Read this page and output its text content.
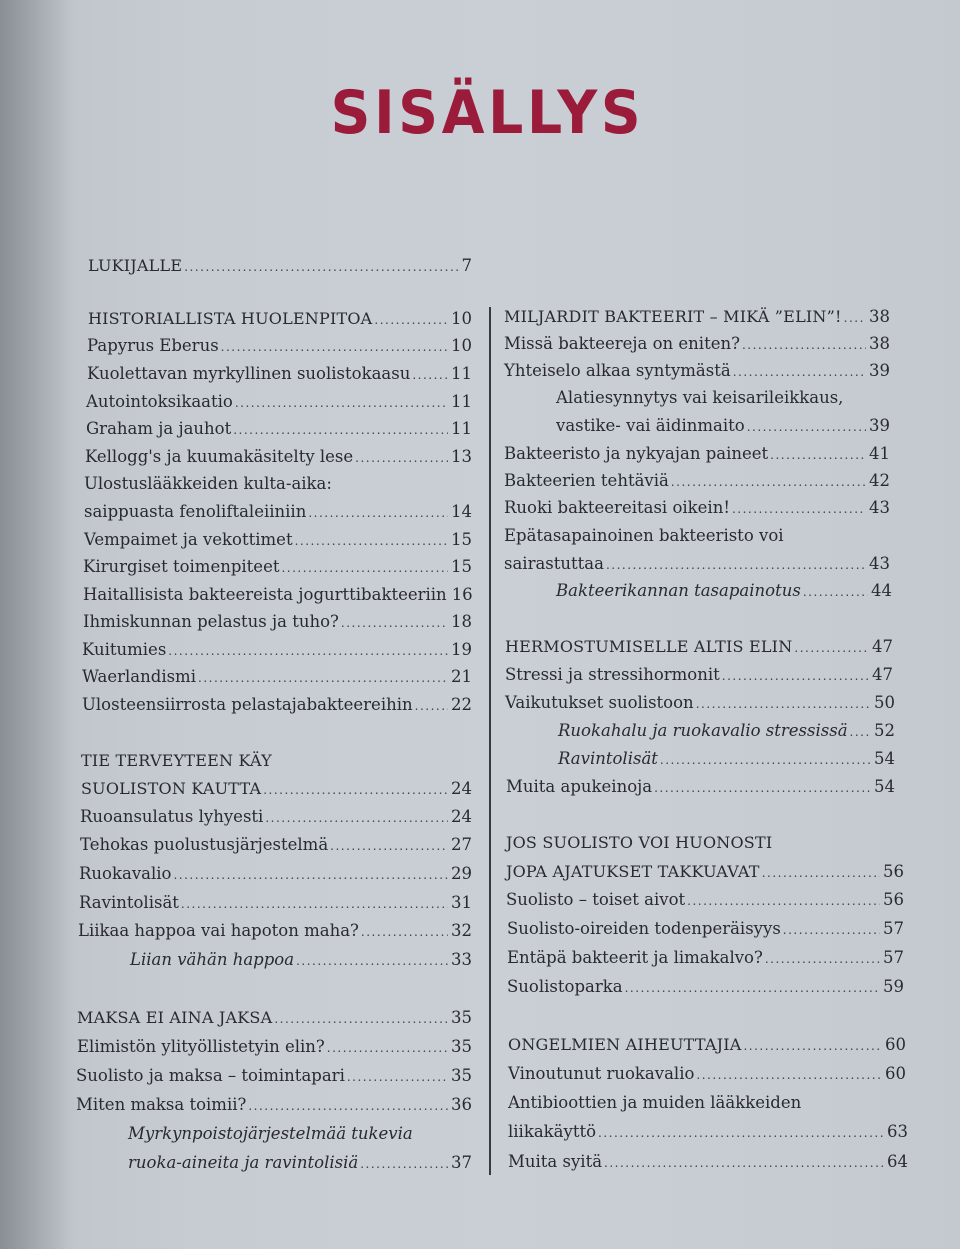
SISÄLLYS
LUKIJALLE .....	7
HISTORIALLISTA HUOLENPITOA .....	10
Papyrus Eberus .....	10
Kuolettavan myrkyllinen suolistokaasu ..... 11
Autointoksikaatio .....	11
Graham ja jauhot .....	11
Kellogg's ja kuumakäsitelty lese .....	13
Ulostuslääkkeiden kulta-aika:
saippuasta fenoliftaleiiniin .....	14
Vempaimet ja vekottimet .....	15
Kirurgiset toimenpiteet .....	15
Haitallisista bakteereista jogurttibakteeriin 16
Ihmiskunnan pelastus ja tuho? .....	18
Kuitumies .....	19
Waerlandismi .....	21
Ulosteensiirrosta pelastajabakteereihin ..... 22
TIE TERVEYTEEN KÄY
SUOLISTON KAUTTA .....	24
Ruoansulatus lyhyesti .....	24
Tehokas puolustusjärjestelmä .....	27
Ruokavalio .....	29
Ravintolisät .....	31
Liikaa happoa vai hapoton maha? .....	32
Liian vähän happoa .....	33
MAKSA EI AINA JAKSA .....	35
Elimistön ylityöllistetyin elin? .....	35
Suolisto ja maksa – toimintapari .....	35
Miten maksa toimii? .....	36
Myrkynpoistojärjestelmää tukevia
ruoka-aineita ja ravintolisiä .....	37
MILJARDIT BAKTEERIT – MIKÄ ”ELIN”! ..... 38
Missä bakteereja on eniten? .....	38
Yhteiselo alkaa syntymästä .....	39
Alatiesynnytys vai keisarileikkaus,
vastike- vai äidinmaito .....	39
Bakteeristo ja nykyajan paineet .....	41
Bakteerien tehtäviä .....	42
Ruoki bakteereitasi oikein! .....	43
Epätasapainoinen bakteeristo voi
sairastuttaa .....	43
Bakteerikannan tasapainotus .....	44
HERMOSTUMISELLE ALTIS ELIN .....	47
Stressi ja stressihormonit .....	47
Vaikutukset suolistoon .....	50
Ruokahalu ja ruokavalio stressissä ..... 52
Ravintolisät .....	54
Muita apukeinoja .....	54
JOS SUOLISTO VOI HUONOSTI
JOPA AJATUKSET TAKKUAVAT .....	56
Suolisto – toiset aivot .....	56
Suolisto-oireiden todenperäisyys .....	57
Entäpä bakteerit ja limakalvo? .....	57
Suolistoparka .....	59
ONGELMIEN AIHEUTTAJIA .....	60
Vinoutunut ruokavalio .....	60
Antibioottien ja muiden lääkkeiden
liikakäyttö .....	63
Muita syitä .....	64
